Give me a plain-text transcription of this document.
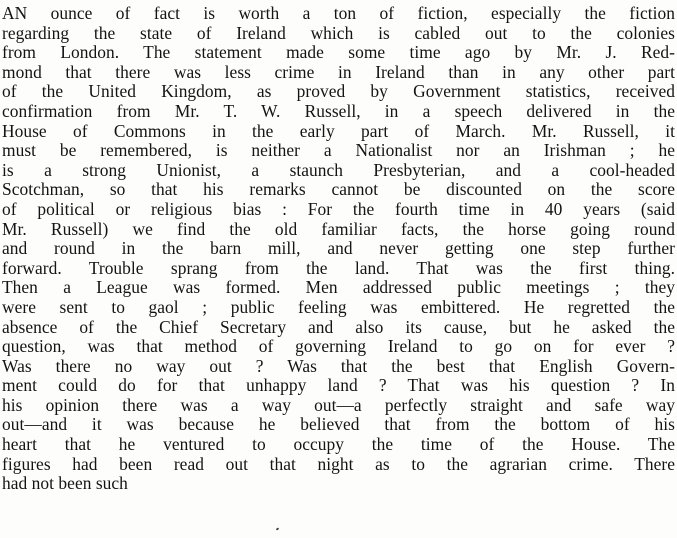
AN ounce of fact is worth a ton of fiction, especially the fiction
regarding the state of Ireland which is cabled out to the colonies
from London. The statement made some time ago by Mr. J. Red-
mond that there was less crime in Ireland than in any other part
of the United Kingdom, as proved by Government statistics, received
confirmation from Mr. T. W. Russell, in a speech delivered in the
House of Commons in the early part of March. Mr. Russell, it
must be remembered, is neither a Nationalist nor an Irishman ; he
is a strong Unionist, a staunch Presbyterian, and a cool-headed
Scotchman, so that his remarks cannot be discounted on the score
of political or religious bias : For the fourth time in 40 years (said
Mr. Russell) we find the old familiar facts, the horse going round
and round in the barn mill, and never getting one step further
forward. Trouble sprang from the land. That was the first thing.
Then a League was formed. Men addressed public meetings ; they
were sent to gaol ; public feeling was embittered. He regretted the
absence of the Chief Secretary and also its cause, but he asked the
question, was that method of governing Ireland to go on for ever ?
Was there no way out ? Was that the best that English Govern-
ment could do for that unhappy land ? That was his question ? In
his opinion there was a way out—a perfectly straight and safe way
out—and it was because he believed that from the bottom of his
heart that he ventured to occupy the time of the House. The
figures had been read out that night as to the agrarian crime. There
had not been such
